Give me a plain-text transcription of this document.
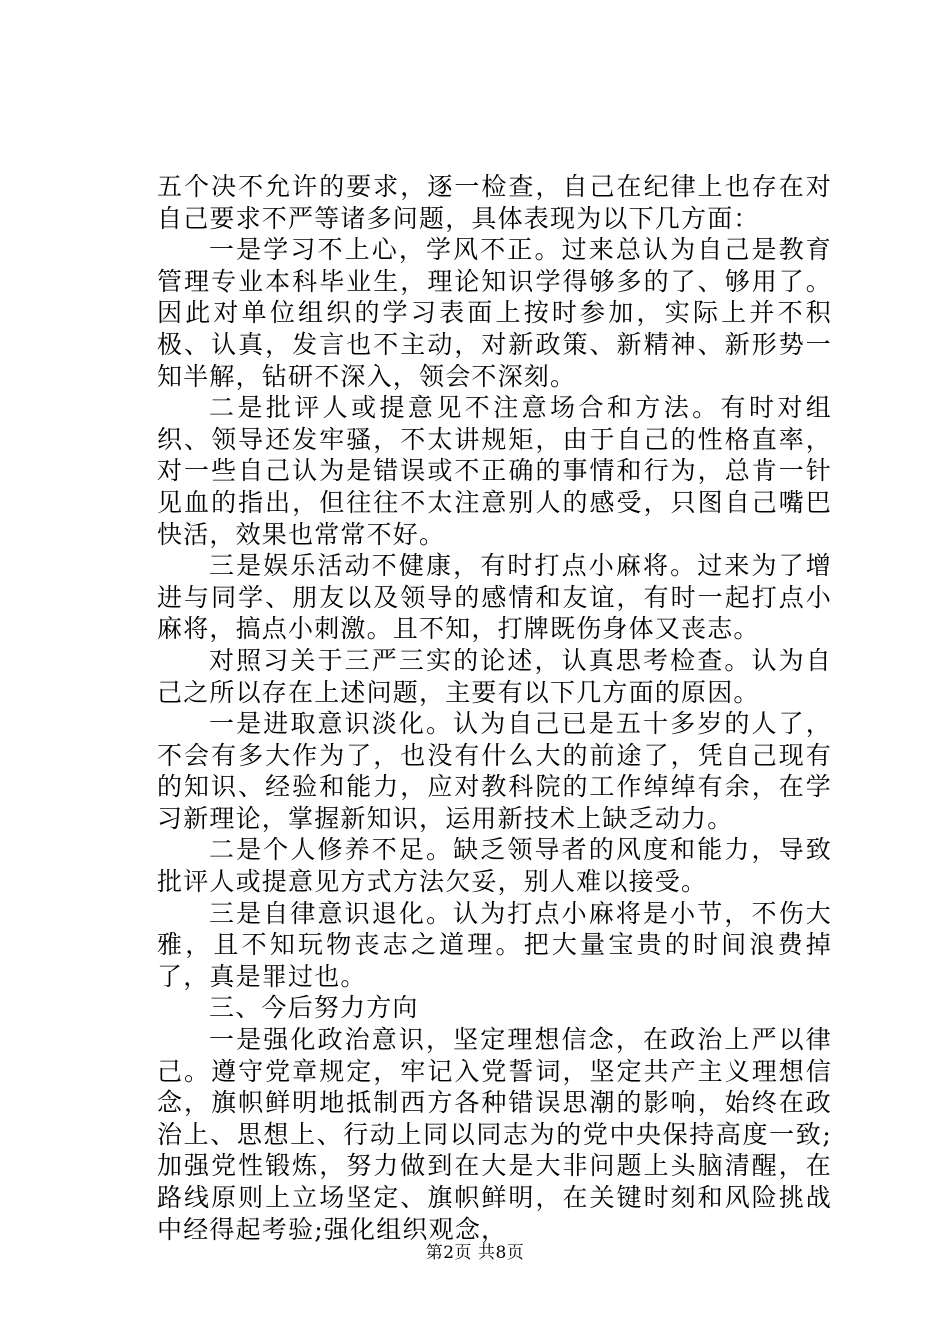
五个决不允许的要求，逐一检查，自己在纪律上也存在对自己要求不严等诸多问题，具体表现为以下几方面：

一是学习不上心，学风不正。过来总认为自己是教育管理专业本科毕业生，理论知识学得够多的了、够用了。因此对单位组织的学习表面上按时参加，实际上并不积极、认真，发言也不主动，对新政策、新精神、新形势一知半解，钻研不深入，领会不深刻。

二是批评人或提意见不注意场合和方法。有时对组织、领导还发牢骚，不太讲规矩，由于自己的性格直率，对一些自己认为是错误或不正确的事情和行为，总肯一针见血的指出，但往往不太注意别人的感受，只图自己嘴巴快活，效果也常常不好。

三是娱乐活动不健康，有时打点小麻将。过来为了增进与同学、朋友以及领导的感情和友谊，有时一起打点小麻将，搞点小刺激。且不知，打牌既伤身体又丧志。

对照习关于三严三实的论述，认真思考检查。认为自己之所以存在上述问题，主要有以下几方面的原因。

一是进取意识淡化。认为自己已是五十多岁的人了，不会有多大作为了，也没有什么大的前途了，凭自己现有的知识、经验和能力，应对教科院的工作绰绰有余，在学习新理论，掌握新知识，运用新技术上缺乏动力。

二是个人修养不足。缺乏领导者的风度和能力，导致批评人或提意见方式方法欠妥，别人难以接受。

三是自律意识退化。认为打点小麻将是小节，不伤大雅，且不知玩物丧志之道理。把大量宝贵的时间浪费掉了，真是罪过也。

三、今后努力方向

一是强化政治意识，坚定理想信念，在政治上严以律己。遵守党章规定，牢记入党誓词，坚定共产主义理想信念，旗帜鲜明地抵制西方各种错误思潮的影响，始终在政治上、思想上、行动上同以同志为的党中央保持高度一致;加强党性锻炼，努力做到在大是大非问题上头脑清醒，在路线原则上立场坚定、旗帜鲜明，在关键时刻和风险挑战中经得起考验;强化组织观念，

第2页 共8页
